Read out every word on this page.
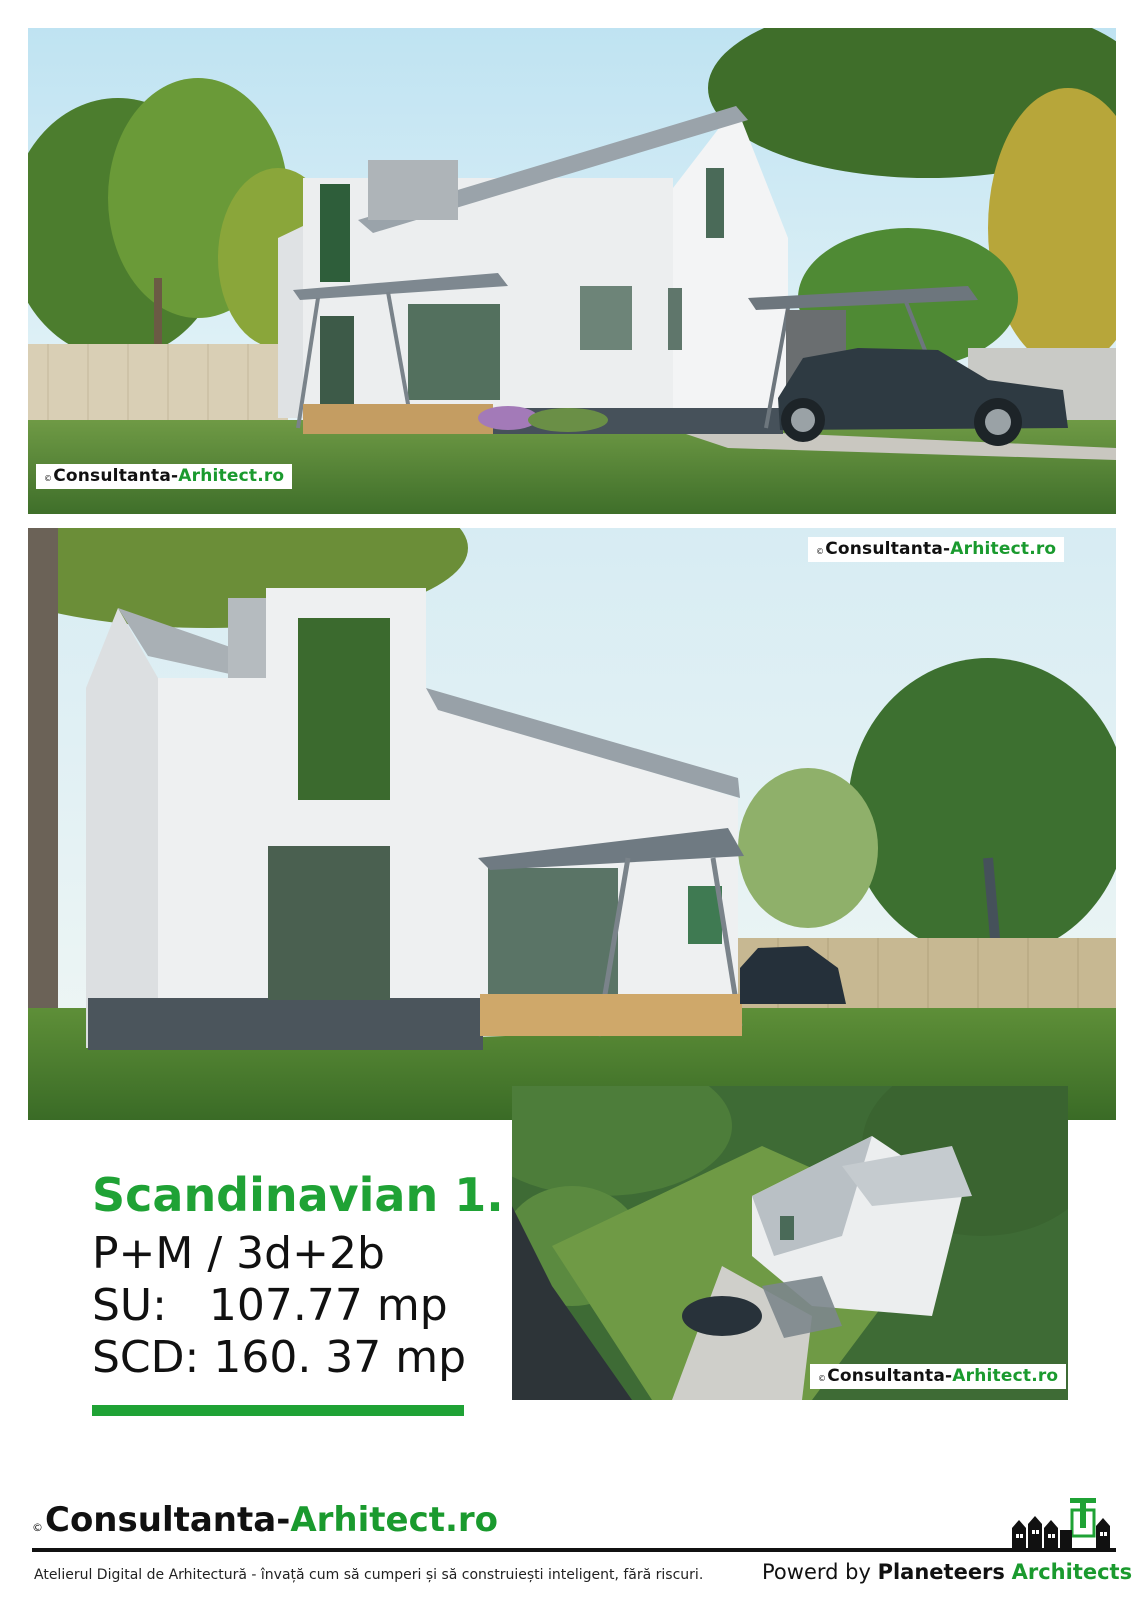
©Consultanta-Arhitect.ro
©Consultanta-Arhitect.ro
©Consultanta-Arhitect.ro
Scandinavian 1.
P+M / 3d+2b
SU:   107.77 mp
SCD: 160. 37 mp
©Consultanta-Arhitect.ro
Atelierul Digital de Arhitectură - învață cum să cumperi și să construiești inteligent, fără riscuri.	Powerd by Planeteers Architects
